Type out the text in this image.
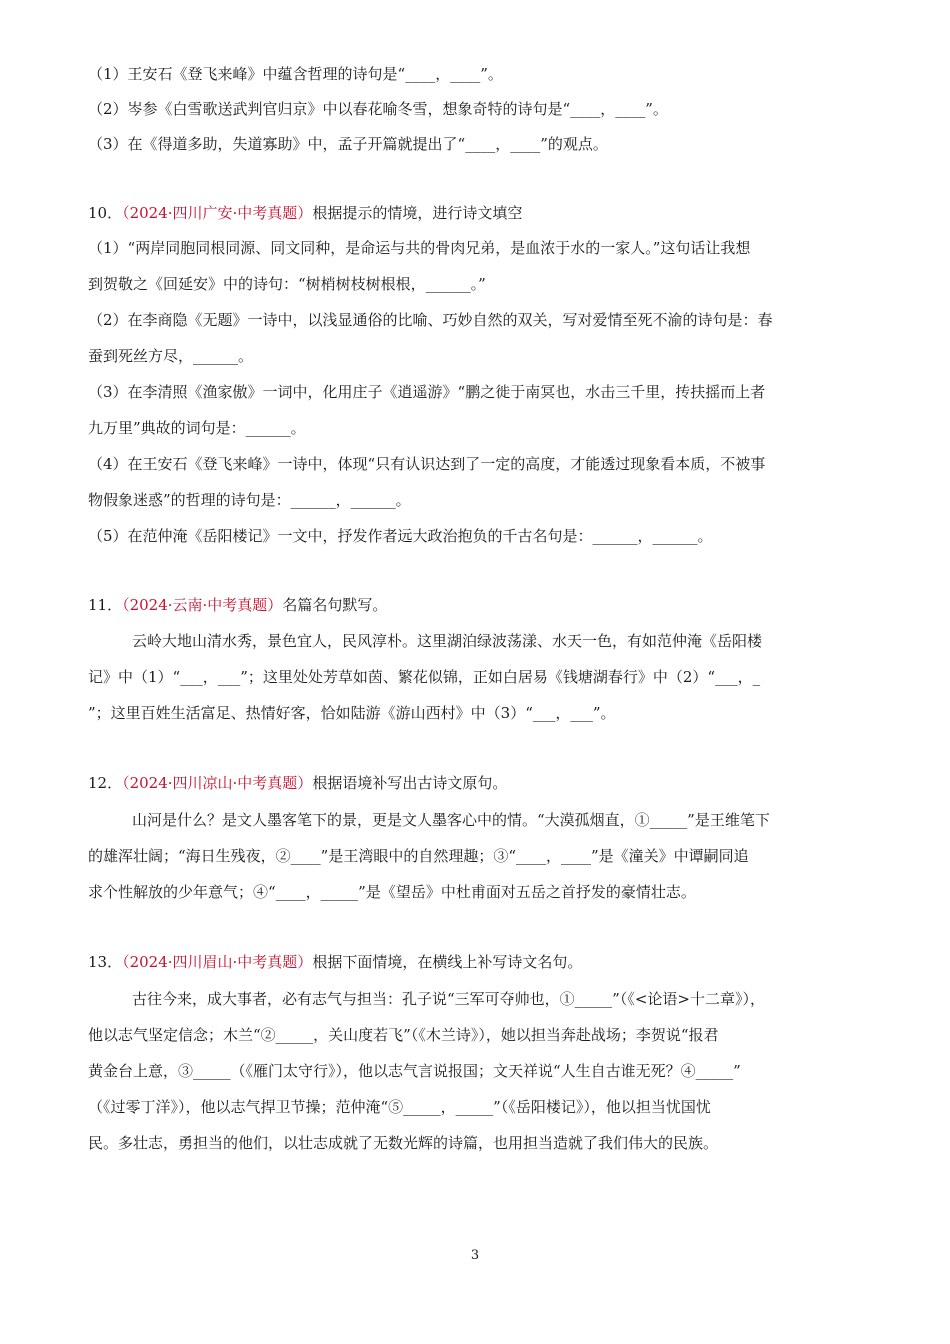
（1）王安石《登飞来峰》中蕴含哲理的诗句是“____，____”。
（2）岑参《白雪歌送武判官归京》中以春花喻冬雪，想象奇特的诗句是“____，____”。
（3）在《得道多助，失道寡助》中，孟子开篇就提出了“____，____”的观点。
10．（2024·四川广安·中考真题）根据提示的情境，进行诗文填空
（1）“两岸同胞同根同源、同文同种，是命运与共的骨肉兄弟，是血浓于水的一家人。”这句话让我想
到贺敬之《回延安》中的诗句：“树梢树枝树根根，______。”
（2）在李商隐《无题》一诗中，以浅显通俗的比喻、巧妙自然的双关，写对爱情至死不渝的诗句是：春
蚕到死丝方尽，______。
（3）在李清照《渔家傲》一词中，化用庄子《逍遥游》“鹏之徙于南冥也，水击三千里，抟扶摇而上者
九万里”典故的词句是：______。
（4）在王安石《登飞来峰》一诗中，体现“只有认识达到了一定的高度，才能透过现象看本质，不被事
物假象迷惑”的哲理的诗句是：______，______。
（5）在范仲淹《岳阳楼记》一文中，抒发作者远大政治抱负的千古名句是：______，______。
11．（2024·云南·中考真题）名篇名句默写。
云岭大地山清水秀，景色宜人，民风淳朴。这里湖泊绿波荡漾、水天一色，有如范仲淹《岳阳楼
记》中（1）“___，___”；这里处处芳草如茵、繁花似锦，正如白居易《钱塘湖春行》中（2）“___，_
”；这里百姓生活富足、热情好客，恰如陆游《游山西村》中（3）“___，___”。
12．（2024·四川凉山·中考真题）根据语境补写出古诗文原句。
山河是什么？是文人墨客笔下的景，更是文人墨客心中的情。“大漠孤烟直，①_____”是王维笔下
的雄浑壮阔；“海日生残夜，②____”是王湾眼中的自然理趣；③“____，____”是《潼关》中谭嗣同追
求个性解放的少年意气；④“____，_____”是《望岳》中杜甫面对五岳之首抒发的豪情壮志。
13．（2024·四川眉山·中考真题）根据下面情境，在横线上补写诗文名句。
古往今来，成大事者，必有志气与担当：孔子说“三军可夺帅也，①_____”（《<论语>十二章》），
他以志气坚定信念；木兰“②_____，关山度若飞”（《木兰诗》），她以担当奔赴战场；李贺说“报君
黄金台上意，③_____（《雁门太守行》），他以志气言说报国；文天祥说“人生自古谁无死？④_____”
（《过零丁洋》），他以志气捍卫节操；范仲淹“⑤_____，_____”（《岳阳楼记》），他以担当忧国忧
民。多壮志，勇担当的他们，以壮志成就了无数光辉的诗篇，也用担当造就了我们伟大的民族。
3
